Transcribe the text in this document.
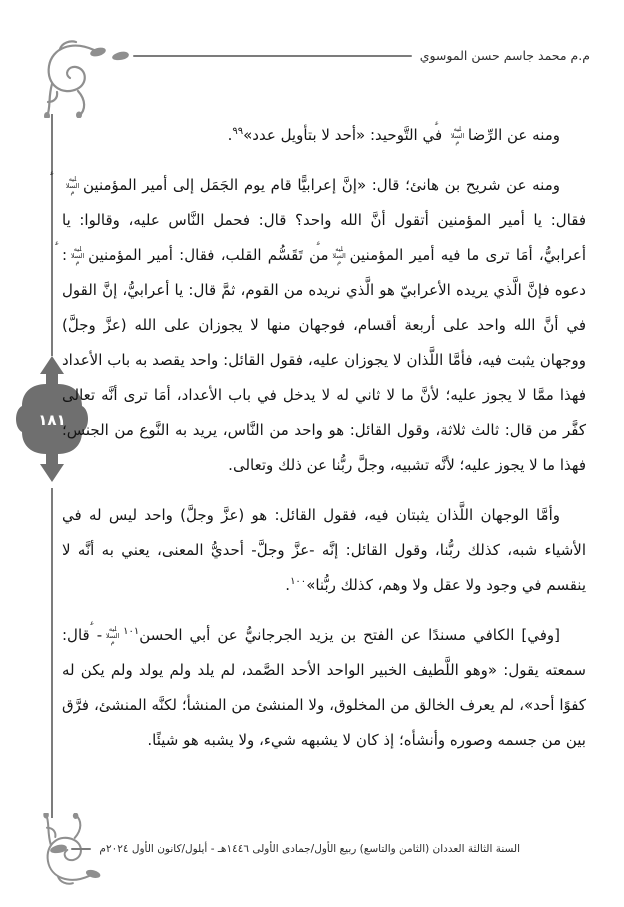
م.م محمد جاسم حسن الموسوي
١٨١

ومنه عن الرِّضاعليه السلام في التَّوحيد: «أحد لا بتأويل عدد»$^{٩٩}$.

ومنه عن شريح بن هانئ؛ قال: «إنَّ إعرابيًّا قام يوم الجَمَل إلى أمير المؤمنينعليه السلامفقال: يا أمير المؤمنين أتقول أنَّ الله واحد؟ قال: فحمل النَّاس عليه، وقالوا: يا أعرابيُّ، أمَا ترى ما فيه أمير المؤمنينعليه السلاممن تَقَسُّم القلب، فقال: أمير المؤمنينعليه السلام: دعوه فإنَّ الَّذي يريده الأعرابيّ هو الَّذي نريده من القوم، ثمَّ قال: يا أعرابيُّ، إنَّ القول في أنَّ الله واحد على أربعة أقسام، فوجهان منها لا يجوزان على الله (عزَّ وجلَّ) ووجهان يثبت فيه، فأمَّا اللَّذان لا يجوزان عليه، فقول القائل: واحد يقصد به باب الأعداد فهذا ممَّا لا يجوز عليه؛ لأنَّ ما لا ثاني له لا يدخل في باب الأعداد، أمَا ترى أنَّه تعالى كفَّر من قال: ثالث ثلاثة، وقول القائل: هو واحد من النَّاس، يريد به النَّوع من الجنس؛ فهذا ما لا يجوز عليه؛ لأنَّه تشبيه، وجلَّ ربُّنا عن ذلك وتعالى.

وأمَّا الوجهان اللَّذان يثبتان فيه، فقول القائل: هو (عزَّ وجلَّ) واحد ليس له في الأشياء شبه، كذلك ربُّنا، وقول القائل: إنَّه -عزَّ وجلَّ- أحديُّ المعنى، يعني به أنَّه لا ينقسم في وجود ولا عقل ولا وهم، كذلك ربُّنا»$^{١٠٠}$.

[وفي] الكافي مسندًا عن الفتح بن يزيد الجرجانيُّ عن أبي الحسن$^{١٠١}$عليه السلام- قال: سمعته يقول: «وهو اللَّطيف الخبير الواحد الأحد الصَّمد، لم يلد ولم يولد ولم يكن له كفوًا أحد»، لم يعرف الخالق من المخلوق، ولا المنشئ من المنشأ؛ لكنَّه المنشئ، فرَّق بين من جسمه وصوره وأنشأه؛ إذ كان لا يشبهه شيء، ولا يشبه هو شيئًا.

السنة الثالثة العددان (الثامن والتاسع) ربيع الأول/جمادى الأولى ١٤٤٦هـ - أيلول/كانون الأول ٢٠٢٤م
